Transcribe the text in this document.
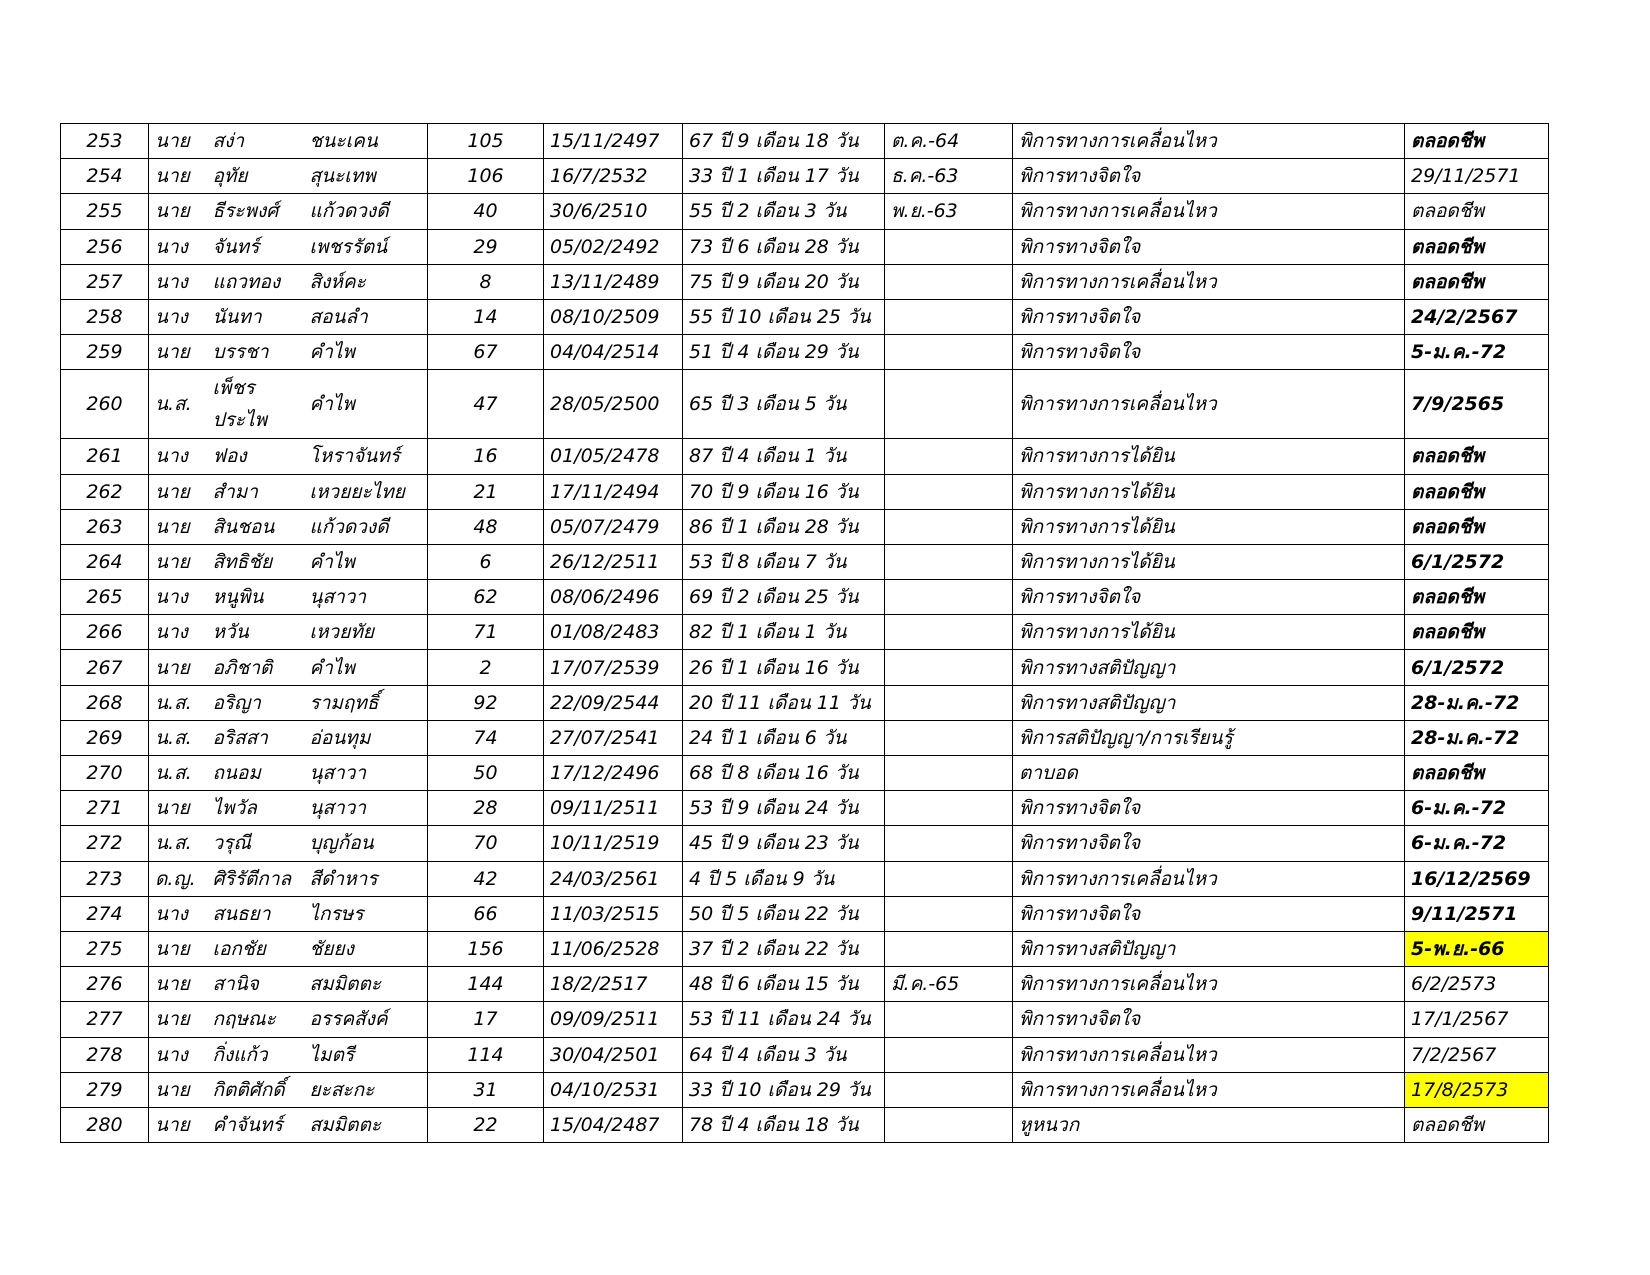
253	นาย	สง่า	ชนะเคน	105	15/11/2497	67 ปี 9 เดือน 18 วัน	ต.ค.-64	พิการทางการเคลื่อนไหว	ตลอดชีพ
254	นาย	อุทัย	สุนะเทพ	106	16/7/2532	33 ปี 1 เดือน 17 วัน	ธ.ค.-63	พิการทางจิตใจ	29/11/2571
255	นาย	ธีระพงศ์	แก้วดวงดี	40	30/6/2510	55 ปี 2 เดือน 3 วัน	พ.ย.-63	พิการทางการเคลื่อนไหว	ตลอดชีพ
256	นาง	จันทร์	เพชรรัตน์	29	05/02/2492	73 ปี 6 เดือน 28 วัน		พิการทางจิตใจ	ตลอดชีพ
257	นาง	แถวทอง	สิงห์คะ	8	13/11/2489	75 ปี 9 เดือน 20 วัน		พิการทางการเคลื่อนไหว	ตลอดชีพ
258	นาง	นันทา	สอนลำ	14	08/10/2509	55 ปี 10 เดือน 25 วัน		พิการทางจิตใจ	24/2/2567
259	นาย	บรรชา	คำไพ	67	04/04/2514	51 ปี 4 เดือน 29 วัน		พิการทางจิตใจ	5-ม.ค.-72
260	น.ส.	เพ็ชร ประไพ	คำไพ	47	28/05/2500	65 ปี 3 เดือน 5 วัน		พิการทางการเคลื่อนไหว	7/9/2565
261	นาง	ฟอง	โหราจันทร์	16	01/05/2478	87 ปี 4 เดือน 1 วัน		พิการทางการได้ยิน	ตลอดชีพ
262	นาย	สำมา	เหวยยะไทย	21	17/11/2494	70 ปี 9 เดือน 16 วัน		พิการทางการได้ยิน	ตลอดชีพ
263	นาย	สินชอน	แก้วดวงดี	48	05/07/2479	86 ปี 1 เดือน 28 วัน		พิการทางการได้ยิน	ตลอดชีพ
264	นาย	สิทธิชัย	คำไพ	6	26/12/2511	53 ปี 8 เดือน 7 วัน		พิการทางการได้ยิน	6/1/2572
265	นาง	หนูพิน	นุสาวา	62	08/06/2496	69 ปี 2 เดือน 25 วัน		พิการทางจิตใจ	ตลอดชีพ
266	นาง	หวัน	เหวยทัย	71	01/08/2483	82 ปี 1 เดือน 1 วัน		พิการทางการได้ยิน	ตลอดชีพ
267	นาย	อภิชาติ	คำไพ	2	17/07/2539	26 ปี 1 เดือน 16 วัน		พิการทางสติปัญญา	6/1/2572
268	น.ส.	อริญา	รามฤทธิ์	92	22/09/2544	20 ปี 11 เดือน 11 วัน		พิการทางสติปัญญา	28-ม.ค.-72
269	น.ส.	อริสสา	อ่อนทุม	74	27/07/2541	24 ปี 1 เดือน 6 วัน		พิการสติปัญญา/การเรียนรู้	28-ม.ค.-72
270	น.ส.	ถนอม	นุสาวา	50	17/12/2496	68 ปี 8 เดือน 16 วัน		ตาบอด	ตลอดชีพ
271	นาย	ไพวัล	นุสาวา	28	09/11/2511	53 ปี 9 เดือน 24 วัน		พิการทางจิตใจ	6-ม.ค.-72
272	น.ส.	วรุณี	บุญก้อน	70	10/11/2519	45 ปี 9 เดือน 23 วัน		พิการทางจิตใจ	6-ม.ค.-72
273	ด.ญ.	ศิริรัตีกาล	สีดำหาร	42	24/03/2561	4 ปี 5 เดือน 9 วัน		พิการทางการเคลื่อนไหว	16/12/2569
274	นาง	สนธยา	ไกรษร	66	11/03/2515	50 ปี 5 เดือน 22 วัน		พิการทางจิตใจ	9/11/2571
275	นาย	เอกชัย	ชัยยง	156	11/06/2528	37 ปี 2 เดือน 22 วัน		พิการทางสติปัญญา	5-พ.ย.-66
276	นาย	สานิจ	สมมิตตะ	144	18/2/2517	48 ปี 6 เดือน 15 วัน	มี.ค.-65	พิการทางการเคลื่อนไหว	6/2/2573
277	นาย	กฤษณะ	อรรคสังค์	17	09/09/2511	53 ปี 11 เดือน 24 วัน		พิการทางจิตใจ	17/1/2567
278	นาง	กิ่งแก้ว	ไมตรี	114	30/04/2501	64 ปี 4 เดือน 3 วัน		พิการทางการเคลื่อนไหว	7/2/2567
279	นาย	กิตติศักดิ์	ยะสะกะ	31	04/10/2531	33 ปี 10 เดือน 29 วัน		พิการทางการเคลื่อนไหว	17/8/2573
280	นาย	คำจันทร์	สมมิตตะ	22	15/04/2487	78 ปี 4 เดือน 18 วัน		หูหนวก	ตลอดชีพ
